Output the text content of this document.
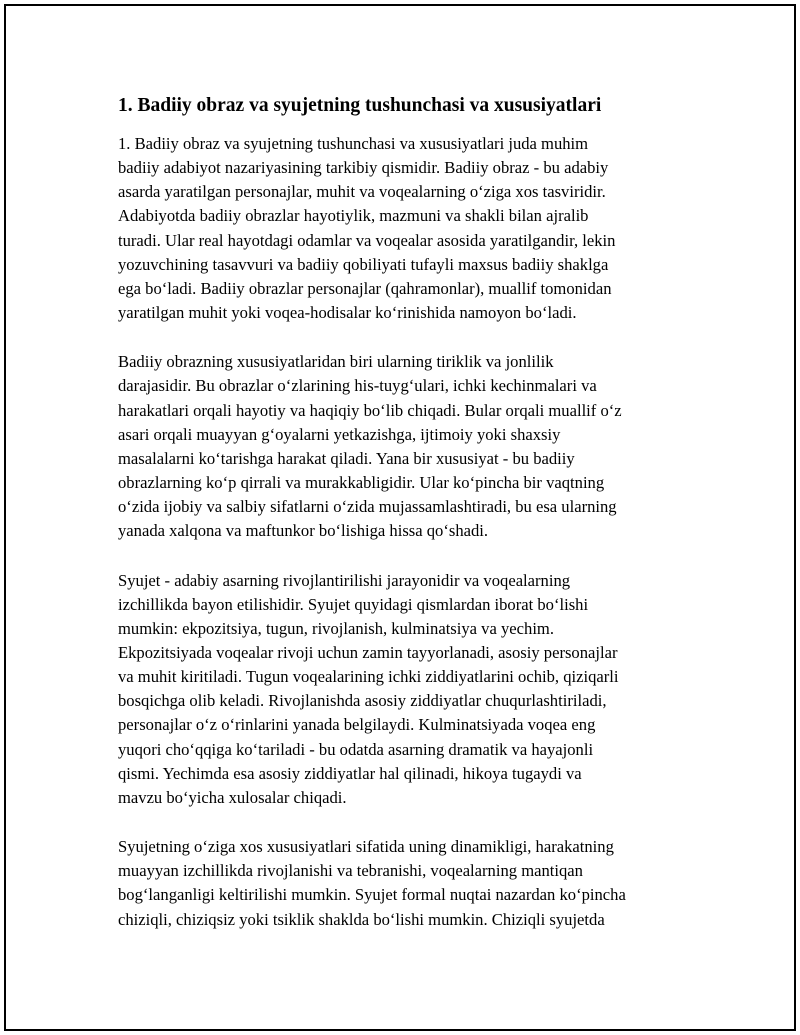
1. Badiiy obraz va syujetning tushunchasi va xususiyatlari
1. Badiiy obraz va syujetning tushunchasi va xususiyatlari juda muhim
badiiy adabiyot nazariyasining tarkibiy qismidir. Badiiy obraz - bu adabiy
asarda yaratilgan personajlar, muhit va voqealarning o‘ziga xos tasviridir.
Adabiyotda badiiy obrazlar hayotiylik, mazmuni va shakli bilan ajralib
turadi. Ular real hayotdagi odamlar va voqealar asosida yaratilgandir, lekin
yozuvchining tasavvuri va badiiy qobiliyati tufayli maxsus badiiy shaklga
ega bo‘ladi. Badiiy obrazlar personajlar (qahramonlar), muallif tomonidan
yaratilgan muhit yoki voqea-hodisalar ko‘rinishida namoyon bo‘ladi.
Badiiy obrazning xususiyatlaridan biri ularning tiriklik va jonlilik
darajasidir. Bu obrazlar o‘zlarining his-tuyg‘ulari, ichki kechinmalari va
harakatlari orqali hayotiy va haqiqiy bo‘lib chiqadi. Bular orqali muallif o‘z
asari orqali muayyan g‘oyalarni yetkazishga, ijtimoiy yoki shaxsiy
masalalarni ko‘tarishga harakat qiladi. Yana bir xususiyat - bu badiiy
obrazlarning ko‘p qirrali va murakkabligidir. Ular ko‘pincha bir vaqtning
o‘zida ijobiy va salbiy sifatlarni o‘zida mujassamlashtiradi, bu esa ularning
yanada xalqona va maftunkor bo‘lishiga hissa qo‘shadi.
Syujet - adabiy asarning rivojlantirilishi jarayonidir va voqealarning
izchillikda bayon etilishidir. Syujet quyidagi qismlardan iborat bo‘lishi
mumkin: ekpozitsiya, tugun, rivojlanish, kulminatsiya va yechim.
Ekpozitsiyada voqealar rivoji uchun zamin tayyorlanadi, asosiy personajlar
va muhit kiritiladi. Tugun voqealarining ichki ziddiyatlarini ochib, qiziqarli
bosqichga olib keladi. Rivojlanishda asosiy ziddiyatlar chuqurlashtiriladi,
personajlar o‘z o‘rinlarini yanada belgilaydi. Kulminatsiyada voqea eng
yuqori cho‘qqiga ko‘tariladi - bu odatda asarning dramatik va hayajonli
qismi. Yechimda esa asosiy ziddiyatlar hal qilinadi, hikoya tugaydi va
mavzu bo‘yicha xulosalar chiqadi.
Syujetning o‘ziga xos xususiyatlari sifatida uning dinamikligi, harakatning
muayyan izchillikda rivojlanishi va tebranishi, voqealarning mantiqan
bog‘langanligi keltirilishi mumkin. Syujet formal nuqtai nazardan ko‘pincha
chiziqli, chiziqsiz yoki tsiklik shaklda bo‘lishi mumkin. Chiziqli syujetda
